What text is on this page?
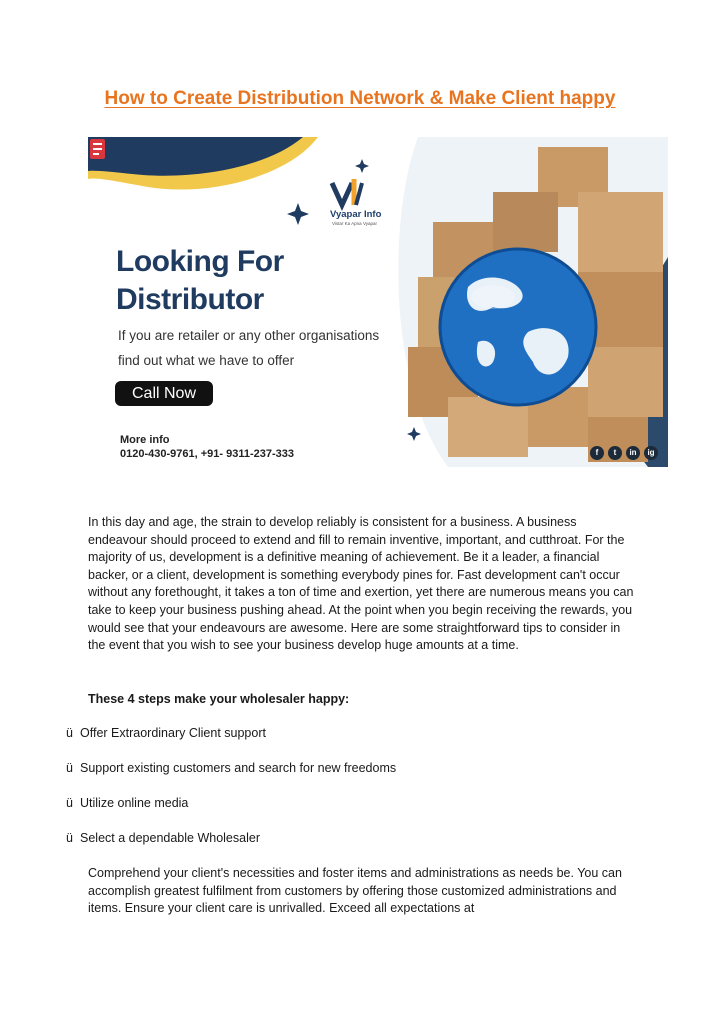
How to Create Distribution Network & Make Client happy
Vyapar Info
Vistar Ka Apna Vyapar
Looking For
Distributor
If you are retailer or any other organisations
find out what we have to offer
Call Now
More info
0120-430-9761, +91- 9311-237-333	f	t	in	ig
In this day and age, the strain to develop reliably is consistent for a business. A business endeavour should proceed to extend and fill to remain inventive, important, and cutthroat. For the majority of us, development is a definitive meaning of achievement. Be it a leader, a financial backer, or a client, development is something everybody pines for. Fast development can't occur without any forethought, it takes a ton of time and exertion, yet there are numerous means you can take to keep your business pushing ahead. At the point when you begin receiving the rewards, you would see that your endeavours are awesome. Here are some straightforward tips to consider in the event that you wish to see your business develop huge amounts at a time.
These 4 steps make your wholesaler happy:
ü Offer Extraordinary Client support
ü Support existing customers and search for new freedoms
ü Utilize online media
ü Select a dependable Wholesaler
Comprehend your client's necessities and foster items and administrations as needs be. You can accomplish greatest fulfilment from customers by offering those customized administrations and items. Ensure your client care is unrivalled. Exceed all expectations at
